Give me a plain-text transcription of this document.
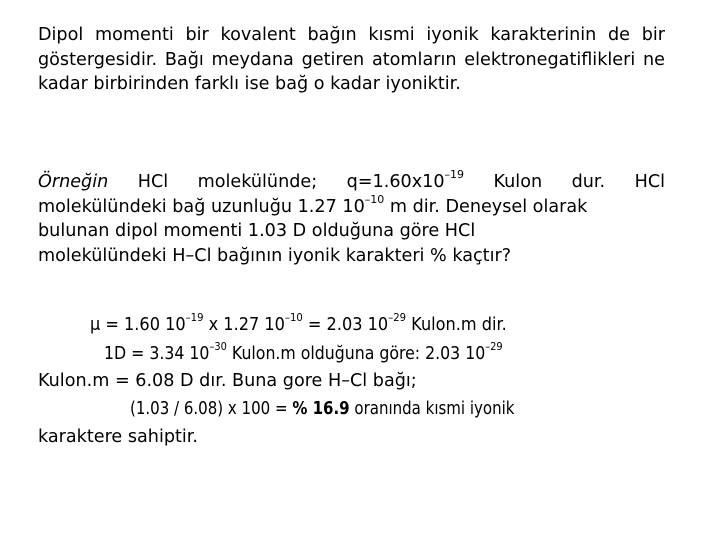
Dipol momenti bir kovalent bağın kısmi iyonik karakterinin de bir göstergesidir. Bağı meydana getiren atomların elektronegatiflikleri ne kadar birbirinden farklı ise bağ o kadar iyoniktir.
Örneğin HCl molekülünde; $q=1.60x10^{-19}$ Kulon dur. HCl
molekülündeki bağ uzunluğu 1.27 $10^{-10}$ m dir. Deneysel olarak
bulunan dipol momenti 1.03 D olduğuna göre HCl
molekülündeki H–Cl bağının iyonik karakteri % kaçtır?
μ = 1.60 $10^{-19}$ x 1.27 $10^{-10} = 2.03$ $10^{-29}$ Kulon.m dir.
1D = 3.34 $10^{-30}$ Kulon.m olduğuna göre: 2.03 $10^{-29}$
Kulon.m = 6.08 D dır. Buna gore H–Cl bağı;
(1.03 / 6.08) x 100 = % 16.9 oranında kısmi iyonik
karaktere sahiptir.
